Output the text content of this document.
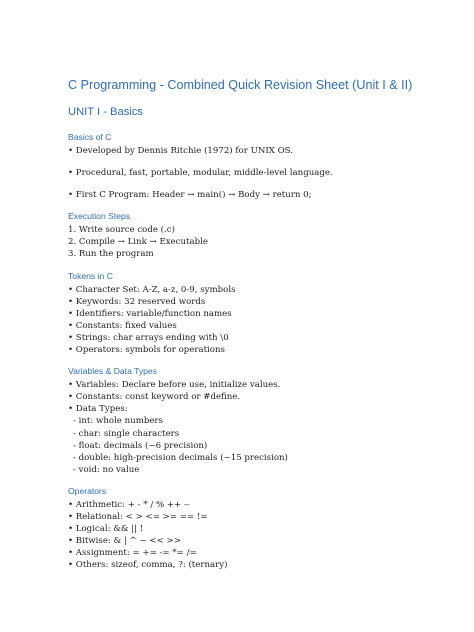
C Programming - Combined Quick Revision Sheet (Unit I & II)
UNIT I - Basics
Basics of C
• Developed by Dennis Ritchie (1972) for UNIX OS.
• Procedural, fast, portable, modular, middle-level language.
• First C Program: Header → main() → Body → return 0;
Execution Steps
1. Write source code (.c)
2. Compile → Link → Executable
3. Run the program
Tokens in C
• Character Set: A-Z, a-z, 0-9, symbols
• Keywords: 32 reserved words
• Identifiers: variable/function names
• Constants: fixed values
• Strings: char arrays ending with \0
• Operators: symbols for operations
Variables & Data Types
• Variables: Declare before use, initialize values.
• Constants: const keyword or #define.
• Data Types:
- int: whole numbers
- char: single characters
- float: decimals (~6 precision)
- double: high-precision decimals (~15 precision)
- void: no value
Operators
• Arithmetic: + - * / % ++ --
• Relational: < > <= >= == !=
• Logical: && || !
• Bitwise: & | ^ ~ << >>
• Assignment: = += -= *= /=
• Others: sizeof, comma, ?: (ternary)
